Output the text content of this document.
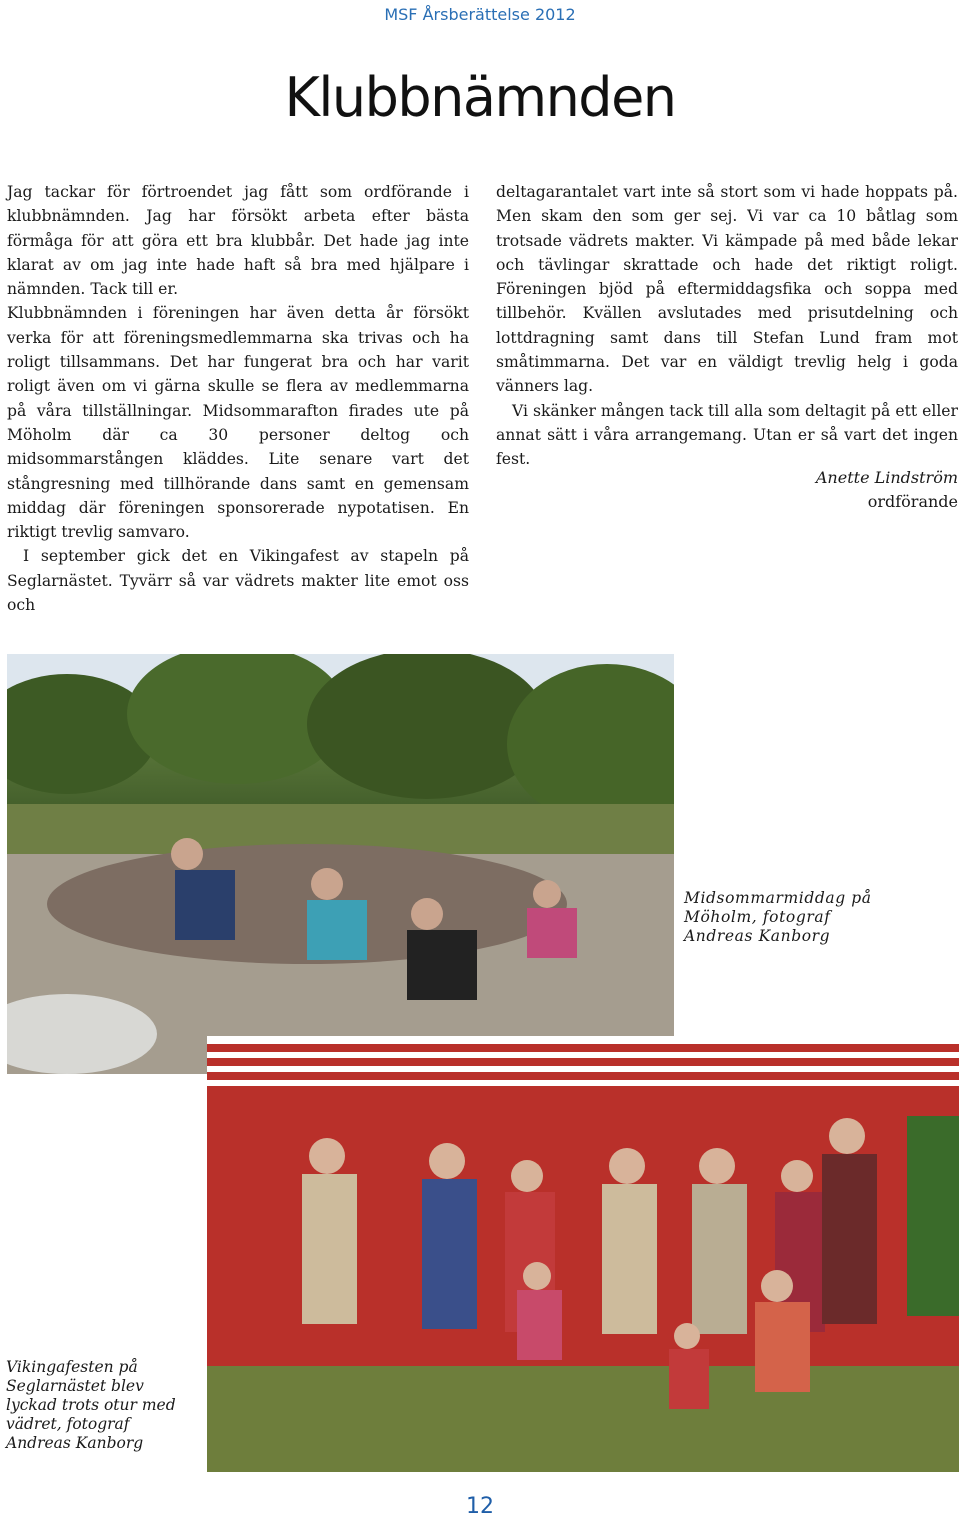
MSF Årsberättelse 2012
Klubbnämnden

Jag tackar för förtroendet jag fått som ordförande i klubbnämnden. Jag har försökt arbeta efter bästa förmåga för att göra ett bra klubbår. Det hade jag inte klarat av om jag inte hade haft så bra med hjälpare i nämnden. Tack till er.

Klubbnämnden i föreningen har även detta år försökt verka för att föreningsmedlemmarna ska trivas och ha roligt tillsammans. Det har fungerat bra och har varit roligt även om vi gärna skulle se flera av medlemmarna på våra tillställningar. Midsommarafton firades ute på Möholm där ca 30 personer deltog och midsommarstången kläddes. Lite senare vart det stångresning med tillhörande dans samt en gemensam middag där föreningen sponsorerade nypotatisen. En riktigt trevlig samvaro.

I september gick det en Vikingafest av stapeln på Seglarnästet. Tyvärr så var vädrets makter lite emot oss och

deltagarantalet vart inte så stort som vi hade hoppats på. Men skam den som ger sej. Vi var ca 10 båtlag som trotsade vädrets makter. Vi kämpade på med både lekar och tävlingar skrattade och hade det riktigt roligt. Föreningen bjöd på eftermiddagsfika och soppa med tillbehör. Kvällen avslutades med prisutdelning och lottdragning samt dans till Stefan Lund fram mot småtimmarna. Det var en väldigt trevlig helg i goda vänners lag.

Vi skänker mången tack till alla som deltagit på ett eller annat sätt i våra arrangemang. Utan er så vart det ingen fest.

Anette Lindström
ordförande
Midsommarmiddag på Möholm, fotograf Andreas Kanborg
Vikingafesten på Seglarnästet blev lyckad trots otur med vädret, fotograf Andreas Kanborg
12
